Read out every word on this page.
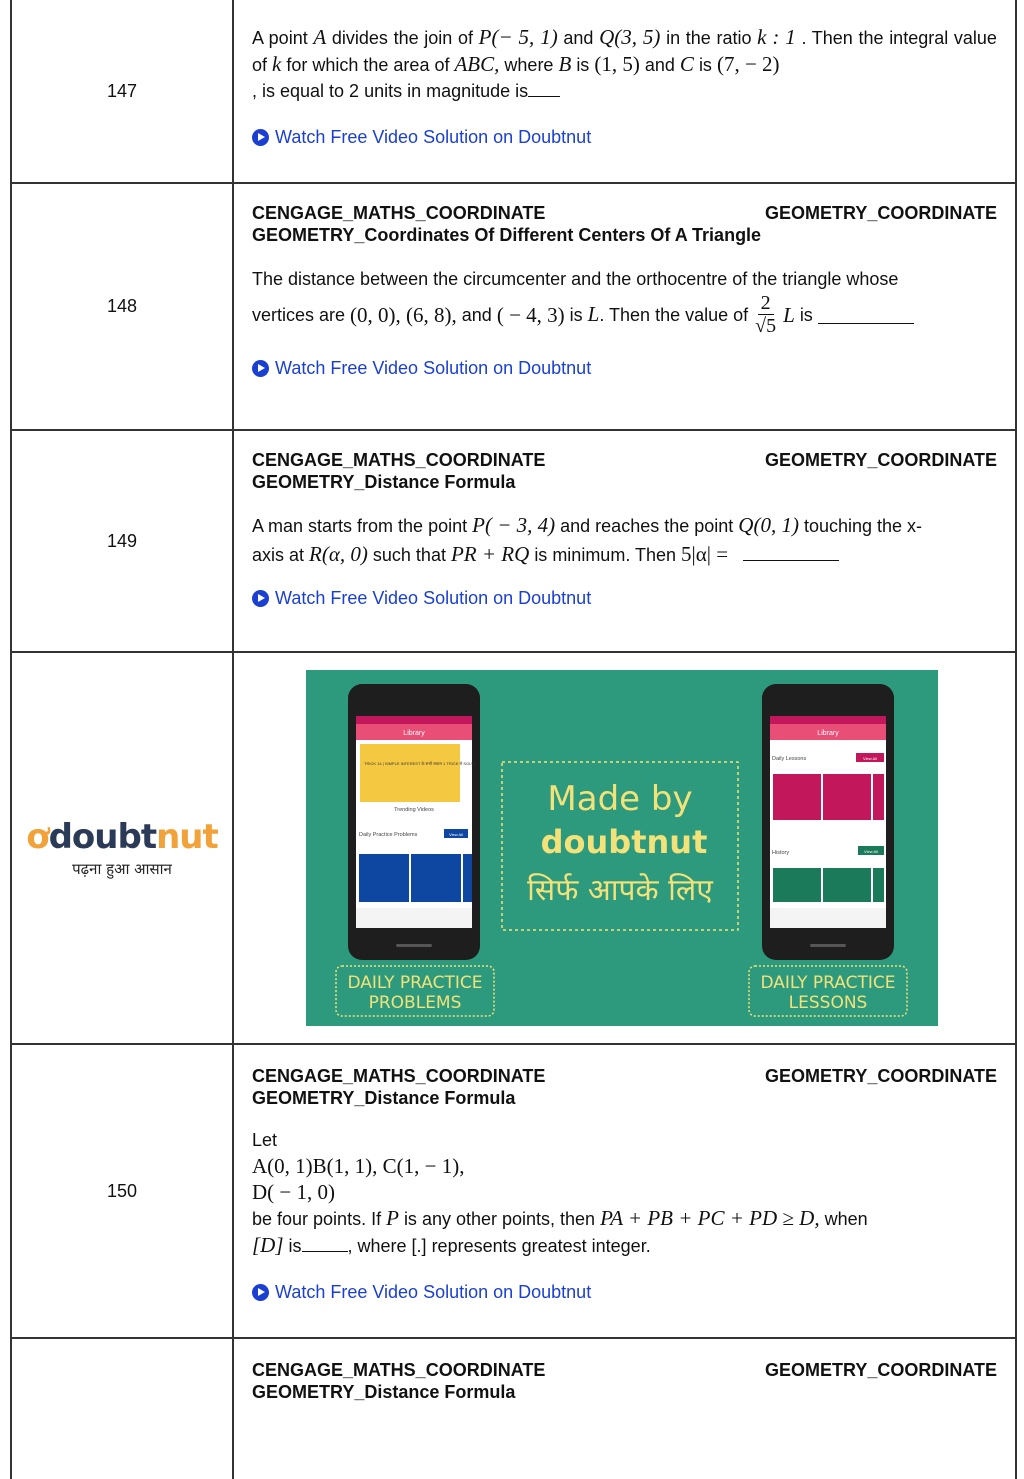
147
A point A divides the join of P(− 5, 1) and Q(3, 5) in the ratio k : 1 . Then the integral value of k for which the area of ABC, where B is (1, 5) and C is (7, − 2)
, is equal to 2 units in magnitude is
Watch Free Video Solution on Doubtnut
148
CENGAGE_MATHS_COORDINATE	GEOMETRY_COORDINATE
GEOMETRY_Coordinates Of Different Centers Of A Triangle
The distance between the circumcenter and the orthocentre of the triangle whose
vertices are (0, 0), (6, 8), and ( − 4, 3) is L. Then the value of $\frac{2}{√5}$ L is
Watch Free Video Solution on Doubtnut
149
CENGAGE_MATHS_COORDINATE	GEOMETRY_COORDINATE
GEOMETRY_Distance Formula
A man starts from the point P( − 3, 4) and reaches the point Q(0, 1) touching the x-
axis at R(α, 0) such that PR + RQ is minimum. Then 5|α| =
Watch Free Video Solution on Doubtnut
ơdoubtnut
पढ़ना हुआ आसान
Library
TRICK 14 | SIMPLE INTEREST के सभी सवाल 1 TRICK से SOLVE
Trending Videos
Daily Practice Problems	View All
Library
Daily Lessons	View All
History	View All
Made by
doubtnut
सिर्फ आपके लिए
DAILY PRACTICE
PROBLEMS
DAILY PRACTICE
LESSONS
150
CENGAGE_MATHS_COORDINATE	GEOMETRY_COORDINATE
GEOMETRY_Distance Formula
Let
A(0, 1)B(1, 1), C(1, − 1),
D( − 1, 0)
be four points. If P is any other points, then PA + PB + PC + PD ≥ D, when
[D] is	, where [.] represents greatest integer.
Watch Free Video Solution on Doubtnut
CENGAGE_MATHS_COORDINATE	GEOMETRY_COORDINATE
GEOMETRY_Distance Formula
